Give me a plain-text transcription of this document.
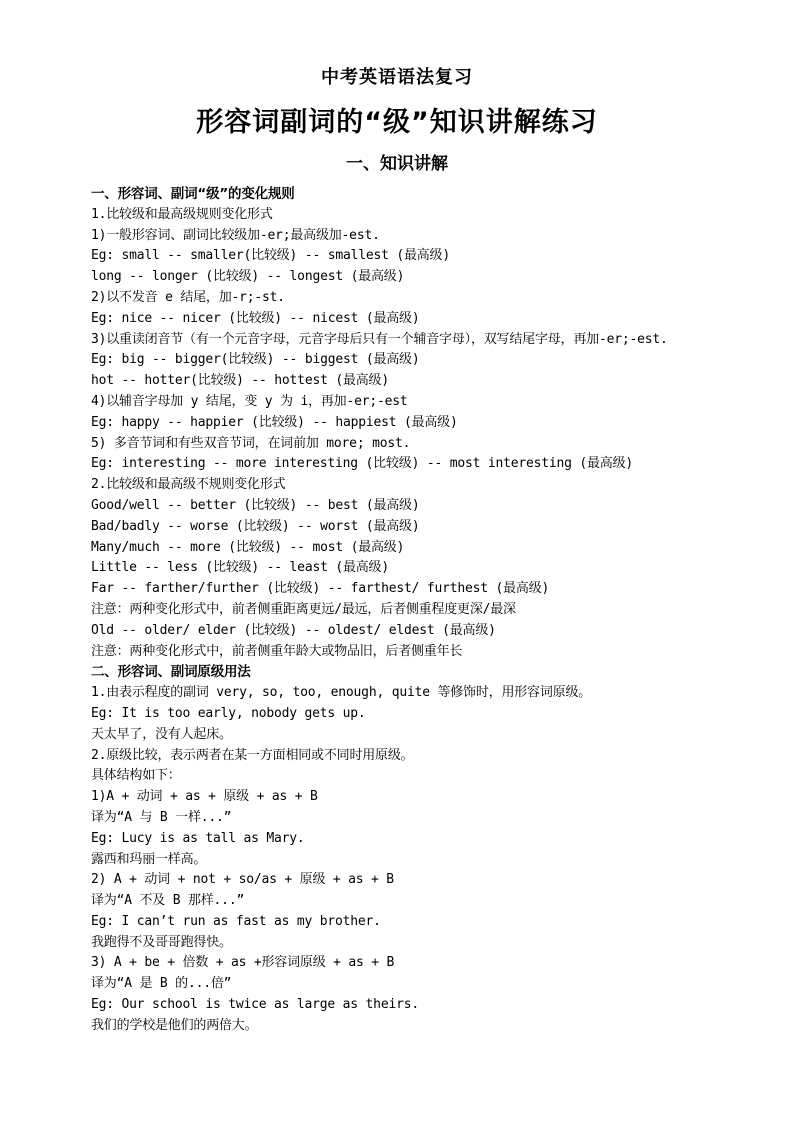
中考英语语法复习
形容词副词的“级”知识讲解练习
一、知识讲解
一、形容词、副词“级”的变化规则
1.比较级和最高级规则变化形式
1)一般形容词、副词比较级加-er;最高级加-est.
Eg: small -- smaller(比较级) -- smallest (最高级)
long -- longer (比较级) -- longest (最高级)
2)以不发音 e 结尾，加-r;-st.
Eg: nice -- nicer (比较级) -- nicest (最高级)
3)以重读闭音节（有一个元音字母，元音字母后只有一个辅音字母），双写结尾字母，再加-er;-est.
Eg: big -- bigger(比较级) -- biggest (最高级)
hot -- hotter(比较级) -- hottest (最高级)
4)以辅音字母加 y 结尾，变 y 为 i，再加-er;-est
Eg: happy -- happier (比较级) -- happiest (最高级)
5) 多音节词和有些双音节词，在词前加 more; most.
Eg: interesting -- more interesting (比较级) -- most interesting (最高级)
2.比较级和最高级不规则变化形式
Good/well -- better (比较级) -- best (最高级)
Bad/badly -- worse (比较级) -- worst (最高级)
Many/much -- more (比较级) -- most (最高级)
Little -- less (比较级) -- least (最高级)
Far -- farther/further (比较级) -- farthest/ furthest (最高级)
注意：两种变化形式中，前者侧重距离更远/最远，后者侧重程度更深/最深
Old -- older/ elder (比较级) -- oldest/ eldest (最高级)
注意：两种变化形式中，前者侧重年龄大或物品旧，后者侧重年长
二、形容词、副词原级用法
1.由表示程度的副词 very, so, too, enough, quite 等修饰时，用形容词原级。
Eg: It is too early, nobody gets up.
天太早了，没有人起床。
2.原级比较，表示两者在某一方面相同或不同时用原级。
具体结构如下：
1)A + 动词 + as + 原级 + as + B
译为“A 与 B 一样...”
Eg: Lucy is as tall as Mary.
露西和玛丽一样高。
2) A + 动词 + not + so/as + 原级 + as + B
译为“A 不及 B 那样...”
Eg: I can’t run as fast as my brother.
我跑得不及哥哥跑得快。
3) A + be + 倍数 + as +形容词原级 + as + B
译为“A 是 B 的...倍”
Eg: Our school is twice as large as theirs.
我们的学校是他们的两倍大。
